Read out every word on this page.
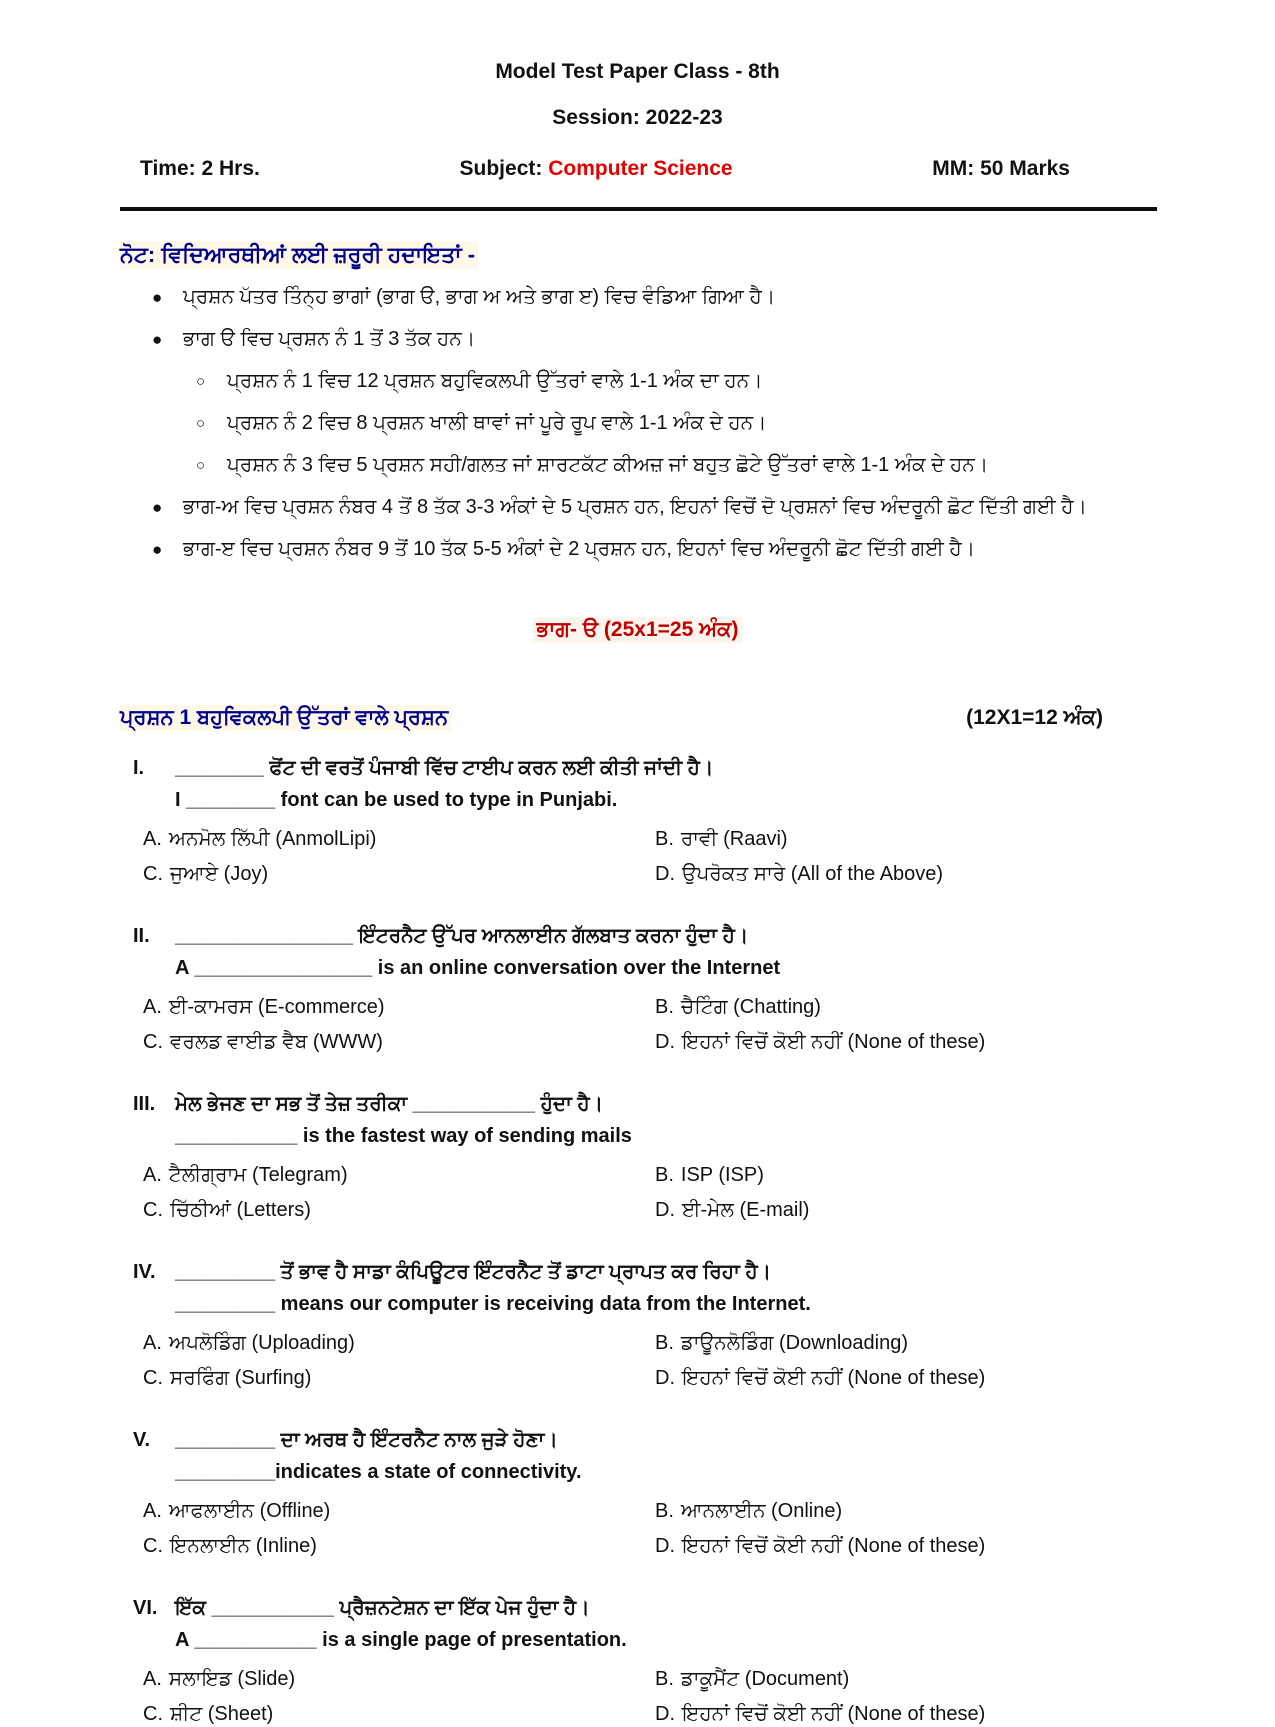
Model Test Paper Class - 8th
Session: 2022-23
Time: 2 Hrs.	Subject: Computer Science	MM: 50 Marks
ਨੋਟ: ਵਿਦਿਆਰਥੀਆਂ ਲਈ ਜ਼ਰੂਰੀ ਹਦਾਇਤਾਂ -
● ਪ੍ਰਸ਼ਨ ਪੱਤਰ ਤਿੰਨ੍ਹ ਭਾਗਾਂ (ਭਾਗ ੳ, ਭਾਗ ਅ ਅਤੇ ਭਾਗ ੲ) ਵਿਚ ਵੰਡਿਆ ਗਿਆ ਹੈ।
● ਭਾਗ ੳ ਵਿਚ ਪ੍ਰਸ਼ਨ ਨੰ 1 ਤੋਂ 3 ਤੱਕ ਹਨ।
○	ਪ੍ਰਸ਼ਨ ਨੰ 1 ਵਿਚ 12 ਪ੍ਰਸ਼ਨ ਬਹੁਵਿਕਲਪੀ ਉੱਤਰਾਂ ਵਾਲੇ 1-1 ਅੰਕ ਦਾ ਹਨ।
○	ਪ੍ਰਸ਼ਨ ਨੰ 2 ਵਿਚ 8 ਪ੍ਰਸ਼ਨ ਖਾਲੀ ਥਾਵਾਂ ਜਾਂ ਪੂਰੇ ਰੂਪ ਵਾਲੇ 1-1 ਅੰਕ ਦੇ ਹਨ।
○	ਪ੍ਰਸ਼ਨ ਨੰ 3 ਵਿਚ 5 ਪ੍ਰਸ਼ਨ ਸਹੀ/ਗਲਤ ਜਾਂ ਸ਼ਾਰਟਕੱਟ ਕੀਅਜ਼ ਜਾਂ ਬਹੁਤ ਛੋਟੇ ਉੱਤਰਾਂ ਵਾਲੇ 1-1 ਅੰਕ ਦੇ ਹਨ।
● ਭਾਗ-ਅ ਵਿਚ ਪ੍ਰਸ਼ਨ ਨੰਬਰ 4 ਤੋਂ 8 ਤੱਕ 3-3 ਅੰਕਾਂ ਦੇ 5 ਪ੍ਰਸ਼ਨ ਹਨ, ਇਹਨਾਂ ਵਿਚੋਂ ਦੋ ਪ੍ਰਸ਼ਨਾਂ ਵਿਚ ਅੰਦਰੂਨੀ ਛੋਟ ਦਿੱਤੀ ਗਈ ਹੈ।
● ਭਾਗ-ੲ ਵਿਚ ਪ੍ਰਸ਼ਨ ਨੰਬਰ 9 ਤੋਂ 10 ਤੱਕ 5-5 ਅੰਕਾਂ ਦੇ 2 ਪ੍ਰਸ਼ਨ ਹਨ, ਇਹਨਾਂ ਵਿਚ ਅੰਦਰੂਨੀ ਛੋਟ ਦਿੱਤੀ ਗਈ ਹੈ।
ਭਾਗ- ੳ (25x1=25 ਅੰਕ)
ਪ੍ਰਸ਼ਨ 1 ਬਹੁਵਿਕਲਪੀ ਉੱਤਰਾਂ ਵਾਲੇ ਪ੍ਰਸ਼ਨ	(12X1=12 ਅੰਕ)
I.	________ ਫੋਂਟ ਦੀ ਵਰਤੋਂ ਪੰਜਾਬੀ ਵਿੱਚ ਟਾਈਪ ਕਰਨ ਲਈ ਕੀਤੀ ਜਾਂਦੀ ਹੈ।
I ________ font can be used to type in Punjabi.
A. ਅਨਮੋਲ ਲਿੱਪੀ (AnmolLipi)	B. ਰਾਵੀ (Raavi)
C. ਜੁਆਏ (Joy)	D. ਉਪਰੋਕਤ ਸਾਰੇ (All of the Above)
II.	________________ ਇੰਟਰਨੈਟ ਉੱਪਰ ਆਨਲਾਈਨ ਗੱਲਬਾਤ ਕਰਨਾ ਹੁੰਦਾ ਹੈ।
A ________________ is an online conversation over the Internet
A. ਈ-ਕਾਮਰਸ (E-commerce)	B. ਚੈਟਿੰਗ (Chatting)
C. ਵਰਲਡ ਵਾਈਡ ਵੈਬ (WWW)	D. ਇਹਨਾਂ ਵਿਚੋਂ ਕੋਈ ਨਹੀਂ (None of these)
III. ਮੇਲ ਭੇਜਣ ਦਾ ਸਭ ਤੋਂ ਤੇਜ਼ ਤਰੀਕਾ ___________ ਹੁੰਦਾ ਹੈ।
___________ is the fastest way of sending mails
A. ਟੈਲੀਗ੍ਰਾਮ (Telegram)	B. ISP (ISP)
C. ਚਿੱਠੀਆਂ (Letters)	D. ਈ-ਮੇਲ (E-mail)
IV. _________ ਤੋਂ ਭਾਵ ਹੈ ਸਾਡਾ ਕੰਪਿਊਟਰ ਇੰਟਰਨੈਟ ਤੋਂ ਡਾਟਾ ਪ੍ਰਾਪਤ ਕਰ ਰਿਹਾ ਹੈ।
_________ means our computer is receiving data from the Internet.
A. ਅਪਲੋਡਿੰਗ (Uploading)	B. ਡਾਊਨਲੋਡਿੰਗ (Downloading)
C. ਸਰਫਿੰਗ (Surfing)	D. ਇਹਨਾਂ ਵਿਚੋਂ ਕੋਈ ਨਹੀਂ (None of these)
V.	_________ ਦਾ ਅਰਥ ਹੈ ਇੰਟਰਨੈਟ ਨਾਲ ਜੁੜੇ ਹੋਣਾ।
_________indicates a state of connectivity.
A. ਆਫਲਾਈਨ (Offline)	B. ਆਨਲਾਈਨ (Online)
C. ਇਨਲਾਈਨ (Inline)	D. ਇਹਨਾਂ ਵਿਚੋਂ ਕੋਈ ਨਹੀਂ (None of these)
VI. ਇੱਕ ___________ ਪ੍ਰੈਜ਼ਨਟੇਸ਼ਨ ਦਾ ਇੱਕ ਪੇਜ ਹੁੰਦਾ ਹੈ।
A ___________ is a single page of presentation.
A. ਸਲਾਇਡ (Slide)	B. ਡਾਕੂਮੈਂਟ (Document)
C. ਸ਼ੀਟ (Sheet)	D. ਇਹਨਾਂ ਵਿਚੋਂ ਕੋਈ ਨਹੀਂ (None of these)
